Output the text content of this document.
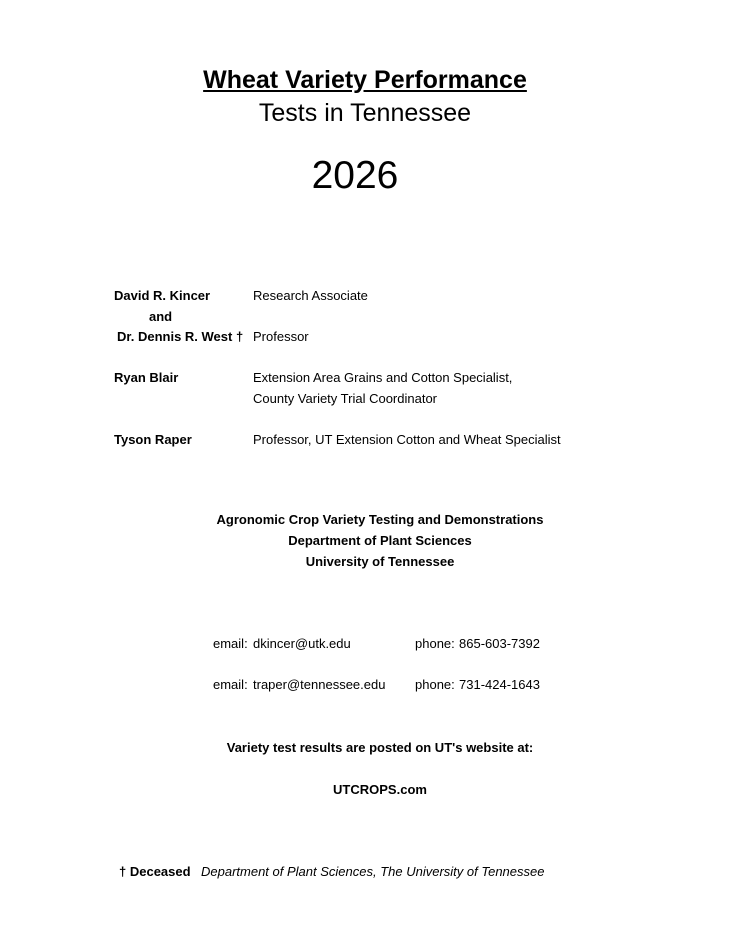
Wheat Variety Performance
Tests in Tennessee
2026
David R. Kincer	Research Associate
and
Dr. Dennis R. West † Professor
Ryan Blair	Extension Area Grains and Cotton Specialist,
County Variety Trial Coordinator
Tyson Raper	Professor, UT Extension Cotton and Wheat Specialist
Agronomic Crop Variety Testing and Demonstrations
Department of Plant Sciences
University of Tennessee
email: dkincer@utk.edu	phone: 865-603-7392
email: traper@tennessee.edu phone: 731-424-1643
Variety test results are posted on UT's website at:
UTCROPS.com
† Deceased Department of Plant Sciences, The University of Tennessee
